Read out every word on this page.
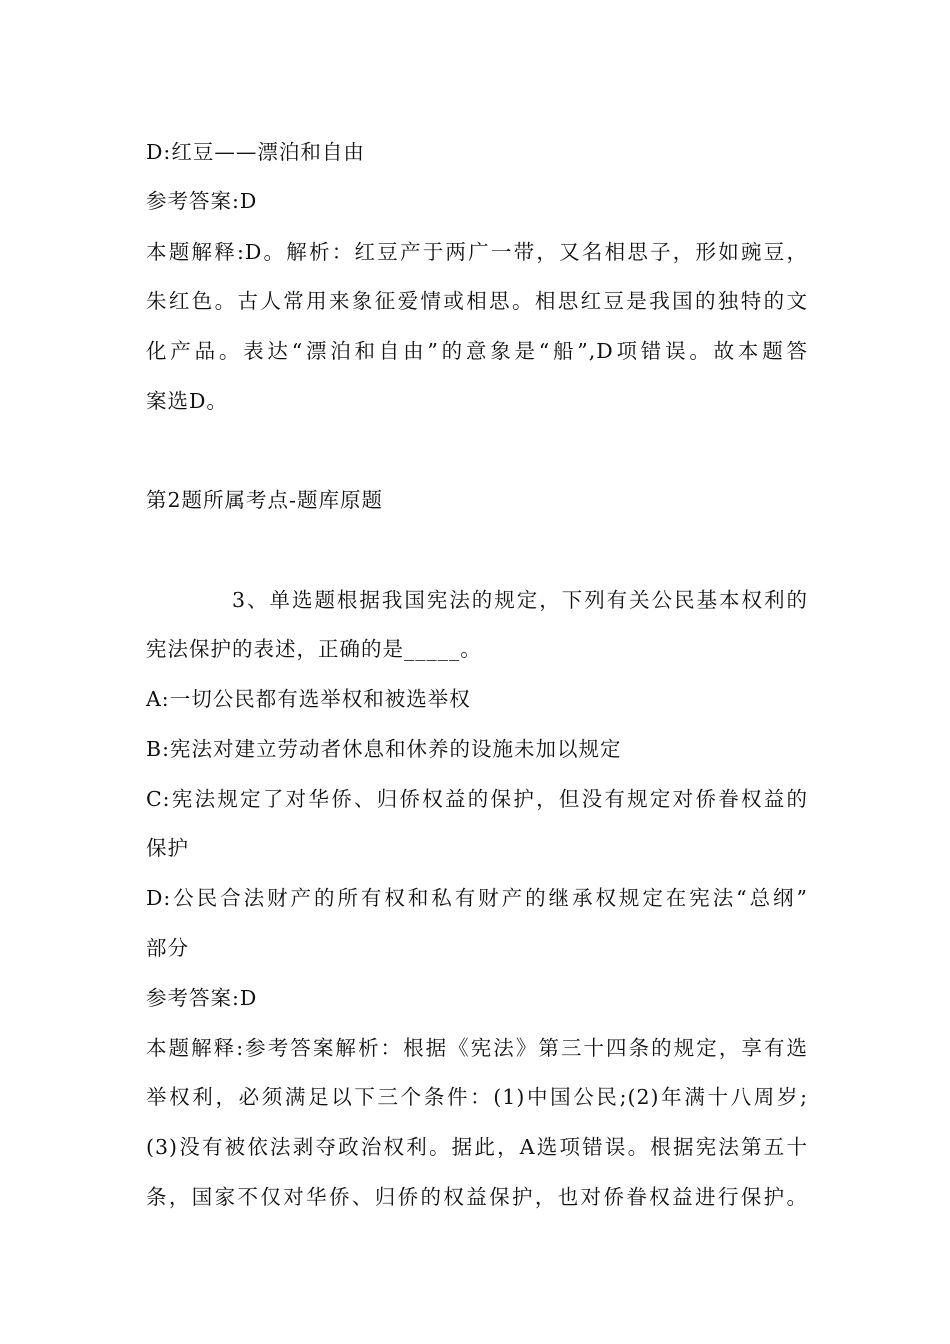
D:红豆——漂泊和自由
参考答案:D
本题解释:D。解析：红豆产于两广一带，又名相思子，形如豌豆，
朱红色。古人常用来象征爱情或相思。相思红豆是我国的独特的文
化产品。表达“漂泊和自由”的意象是“船”,D项错误。故本题答
案选D。
第2题所属考点-题库原题
3、单选题根据我国宪法的规定，下列有关公民基本权利的
宪法保护的表述，正确的是_____。
A:一切公民都有选举权和被选举权
B:宪法对建立劳动者休息和休养的设施未加以规定
C:宪法规定了对华侨、归侨权益的保护，但没有规定对侨眷权益的
保护
D:公民合法财产的所有权和私有财产的继承权规定在宪法“总纲”
部分
参考答案:D
本题解释:参考答案解析：根据《宪法》第三十四条的规定，享有选
举权利，必须满足以下三个条件：(1)中国公民;(2)年满十八周岁;
(3)没有被依法剥夺政治权利。据此，A选项错误。根据宪法第五十
条，国家不仅对华侨、归侨的权益保护，也对侨眷权益进行保护。
